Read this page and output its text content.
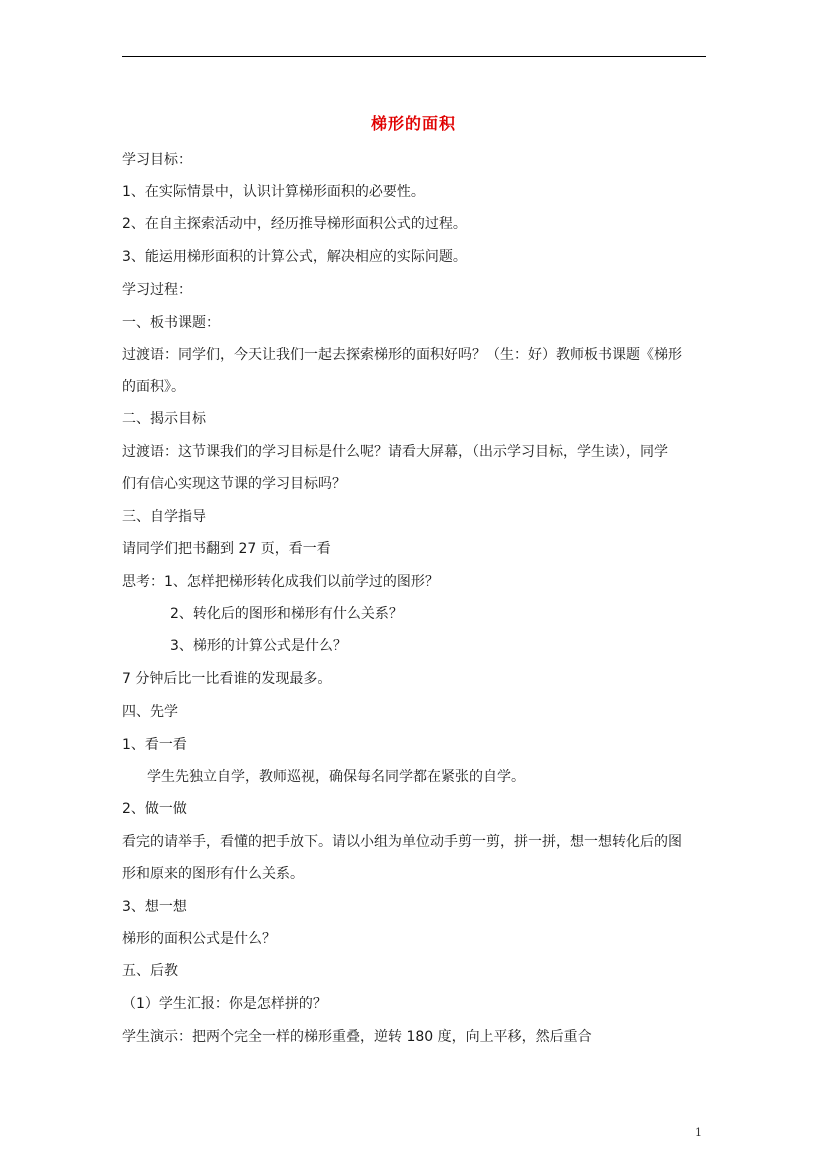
梯形的面积
学习目标：
1、在实际情景中，认识计算梯形面积的必要性。
2、在自主探索活动中，经历推导梯形面积公式的过程。
3、能运用梯形面积的计算公式，解决相应的实际问题。
学习过程：
一、板书课题：
过渡语：同学们，今天让我们一起去探索梯形的面积好吗？（生：好）教师板书课题《梯形
的面积》。
二、揭示目标
过渡语：这节课我们的学习目标是什么呢？请看大屏幕，（出示学习目标，学生读），同学
们有信心实现这节课的学习目标吗？
三、自学指导
请同学们把书翻到 27 页，看一看
思考：1、怎样把梯形转化成我们以前学过的图形？
2、转化后的图形和梯形有什么关系？
3、梯形的计算公式是什么？
7 分钟后比一比看谁的发现最多。
四、先学
1、看一看
学生先独立自学，教师巡视，确保每名同学都在紧张的自学。
2、做一做
看完的请举手，看懂的把手放下。请以小组为单位动手剪一剪，拼一拼，想一想转化后的图
形和原来的图形有什么关系。
3、想一想
梯形的面积公式是什么？
五、后教
（1）学生汇报：你是怎样拼的？
学生演示：把两个完全一样的梯形重叠，逆转 180 度，向上平移，然后重合
1
